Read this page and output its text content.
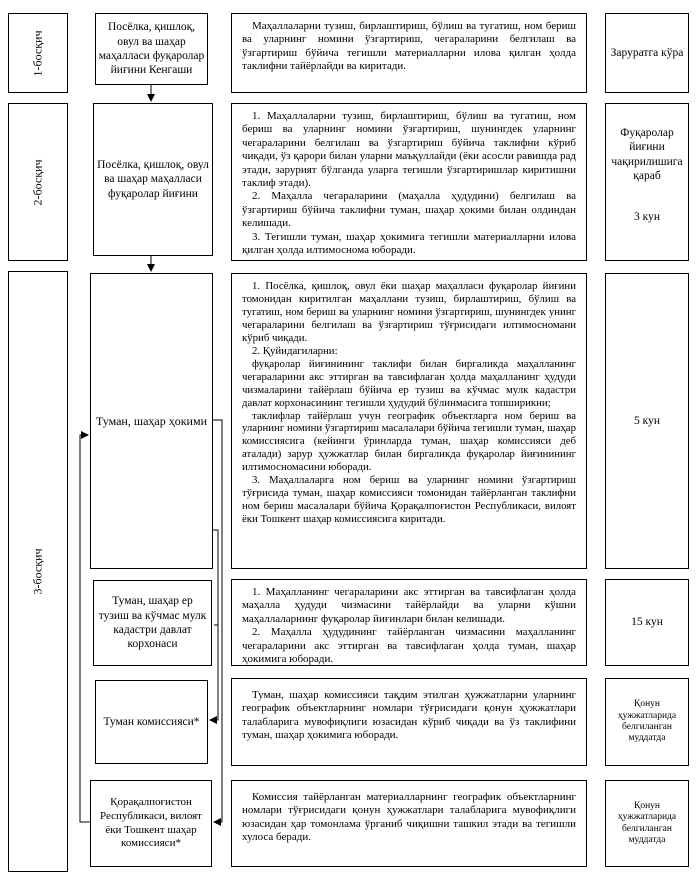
1-босқич
2-босқич
3-босқич
Посёлка, қишлоқ, овул ва шаҳар маҳалласи фуқаролар йиғини Кенгаши
Посёлка, қишлоқ, овул ва шаҳар маҳалласи фуқаролар йиғини
Туман, шаҳар ҳокими
Туман, шаҳар ер тузиш ва кўчмас мулк кадастри давлат корхонаси
Туман комиссияси*
Қорақалпоғистон Республикаси, вилоят ёки Тошкент шаҳар комиссияси*

Маҳаллаларни тузиш, бирлаштириш, бўлиш ва тугатиш, ном бериш ва уларнинг номини ўзгартириш, чегараларини белгилаш ва ўзгартириш бўйича тегишли материалларни илова қилган ҳолда таклифни тайёрлайди ва киритади.

1. Маҳаллаларни тузиш, бирлаштириш, бўлиш ва тугатиш, ном бериш ва уларнинг номини ўзгартириш, шунингдек уларнинг чегараларини белгилаш ва ўзгартириш бўйича таклифни кўриб чиқади, ўз қарори билан уларни маъқуллайди (ёки асосли равишда рад этади, зарурият бўлганда уларга тегишли ўзгартиришлар киритишни таклиф этади).

2. Маҳалла чегараларини (маҳалла ҳудудини) белгилаш ва ўзгартириш бўйича таклифни туман, шаҳар ҳокими билан олдиндан келишади.

3. Тегишли туман, шаҳар ҳокимига тегишли материалларни илова қилган ҳолда илтимоснома юборади.

1. Посёлка, қишлоқ, овул ёки шаҳар маҳалласи фуқаролар йиғини томонидан киритилган маҳаллани тузиш, бирлаштириш, бўлиш ва тугатиш, ном бериш ва уларнинг номини ўзгартириш, шунингдек унинг чегараларини белгилаш ва ўзгартириш тўғрисидаги илтимосномани кўриб чиқади.

2. Қуйидагиларни:

фуқаролар йиғинининг таклифи билан биргаликда маҳалланинг чегараларини акс эттирган ва тавсифлаган ҳолда маҳалланинг ҳудуди чизмаларини тайёрлаш бўйича ер тузиш ва кўчмас мулк кадастри давлат корхонасининг тегишли ҳудудий бўлинмасига топширикни;

таклифлар тайёрлаш учун географик объектларга ном бериш ва уларнинг номини ўзгартириш масалалари бўйича тегишли туман, шаҳар комиссиясига (кейинги ўринларда туман, шаҳар комиссияси деб аталади) зарур ҳужжатлар билан биргаликда фуқаролар йиғинининг илтимосномасини юборади.

3. Маҳаллаларга ном бериш ва уларнинг номини ўзгартириш тўғрисида туман, шаҳар комиссияси томонидан тайёрланган таклифни ном бериш масалалари бўйича Қорақалпоғистон Республикаси, вилоят ёки Тошкент шаҳар комиссиясига киритади.

1. Маҳалланинг чегараларини акс эттирган ва тавсифлаган ҳолда маҳалла ҳудуди чизмасини тайёрлайди ва уларни кўшни маҳаллаларнинг фуқаролар йиғинлари билан келишади.

2. Маҳалла ҳудудининг тайёрланган чизмасини маҳалланинг чегараларини акс эттирган ва тавсифлаган ҳолда туман, шаҳар ҳокимига юборади.

Туман, шаҳар комиссияси тақдим этилган ҳужжатларни уларнинг географик объектларнинг номлари тўғрисидаги қонун ҳужжатлари талабларига мувофиқлиги юзасидан кўриб чиқади ва ўз таклифини туман, шаҳар ҳокимига юборади.

Комиссия тайёрланган материалларнинг географик объектларнинг номлари тўғрисидаги қонун ҳужжатлари талабларига мувофиқлиги юзасидан ҳар томонлама ўрганиб чиқишни ташкил этади ва тегишли хулоса беради.

Заруратга кўра
Фуқаролар йиғини чақирилишига қараб
3 кун
5 кун
15 кун
Қонун ҳужжатларида белгиланган муддатда
Қонун ҳужжатларида белгиланган муддатда
